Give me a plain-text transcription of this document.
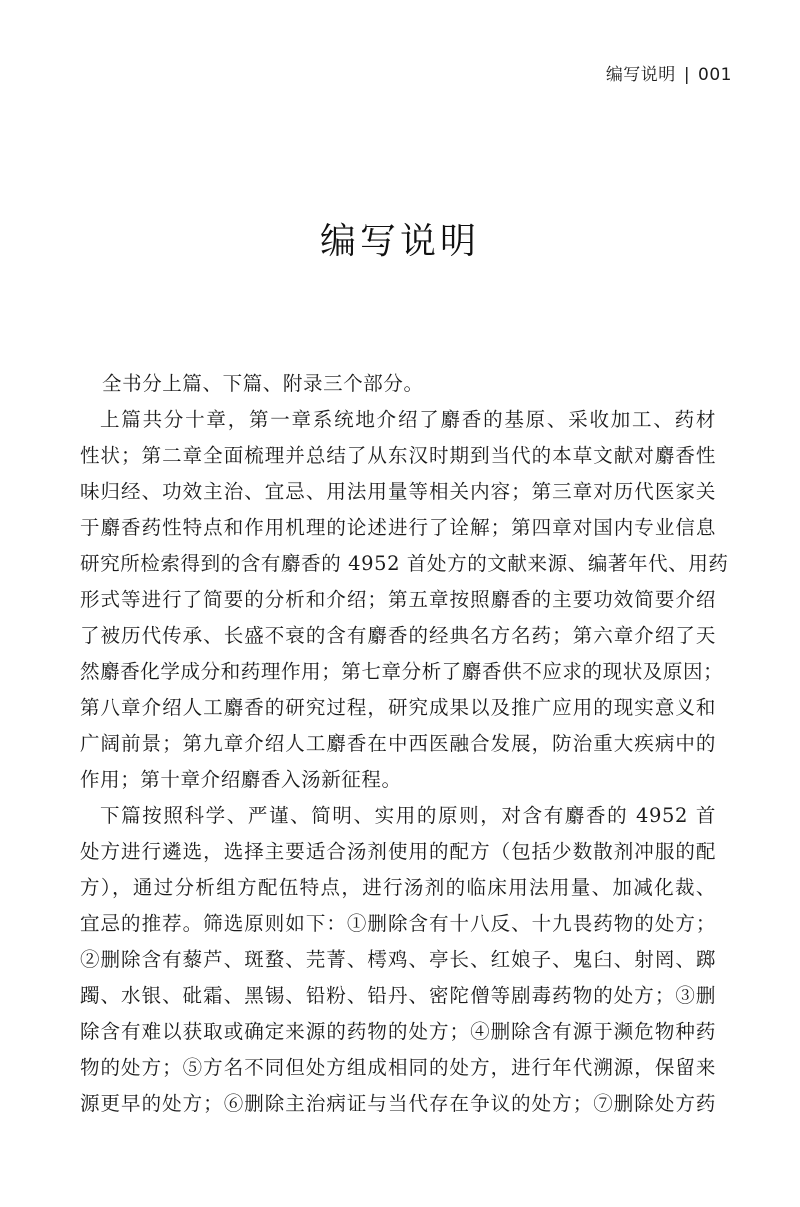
编写说明 | 001
编写说明
全书分上篇、下篇、附录三个部分。
上篇共分十章，第一章系统地介绍了麝香的基原、采收加工、药材
性状；第二章全面梳理并总结了从东汉时期到当代的本草文献对麝香性
味归经、功效主治、宜忌、用法用量等相关内容；第三章对历代医家关
于麝香药性特点和作用机理的论述进行了诠解；第四章对国内专业信息
研究所检索得到的含有麝香的 4952 首处方的文献来源、编著年代、用药
形式等进行了简要的分析和介绍；第五章按照麝香的主要功效简要介绍
了被历代传承、长盛不衰的含有麝香的经典名方名药；第六章介绍了天
然麝香化学成分和药理作用；第七章分析了麝香供不应求的现状及原因；
第八章介绍人工麝香的研究过程，研究成果以及推广应用的现实意义和
广阔前景；第九章介绍人工麝香在中西医融合发展，防治重大疾病中的
作用；第十章介绍麝香入汤新征程。
下篇按照科学、严谨、简明、实用的原则，对含有麝香的 4952 首
处方进行遴选，选择主要适合汤剂使用的配方（包括少数散剂冲服的配
方），通过分析组方配伍特点，进行汤剂的临床用法用量、加减化裁、
宜忌的推荐。筛选原则如下：①删除含有十八反、十九畏药物的处方；
②删除含有藜芦、斑蝥、芫菁、樗鸡、亭长、红娘子、鬼臼、射罔、踯
躅、水银、砒霜、黑锡、铅粉、铅丹、密陀僧等剧毒药物的处方；③删
除含有难以获取或确定来源的药物的处方；④删除含有源于濒危物种药
物的处方；⑤方名不同但处方组成相同的处方，进行年代溯源，保留来
源更早的处方；⑥删除主治病证与当代存在争议的处方；⑦删除处方药
